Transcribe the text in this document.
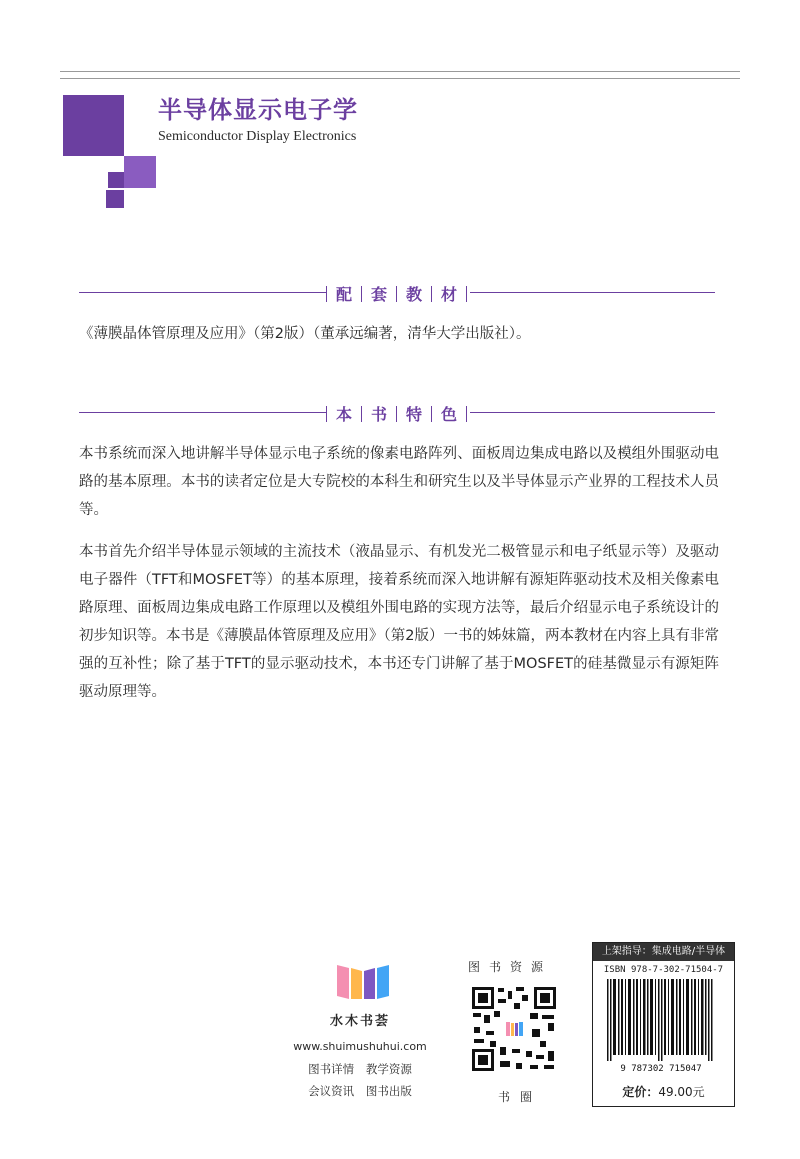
半导体显示电子学
Semiconductor Display Electronics
配	套	教	材
《薄膜晶体管原理及应用》（第2版）（董承远编著，清华大学出版社）。
本	书	特	色
本书系统而深入地讲解半导体显示电子系统的像素电路阵列、面板周边集成电路以及模组外围驱动电路的基本原理。本书的读者定位是大专院校的本科生和研究生以及半导体显示产业界的工程技术人员等。
本书首先介绍半导体显示领域的主流技术（液晶显示、有机发光二极管显示和电子纸显示等）及驱动电子器件（TFT和MOSFET等）的基本原理，接着系统而深入地讲解有源矩阵驱动技术及相关像素电路原理、面板周边集成电路工作原理以及模组外围电路的实现方法等，最后介绍显示电子系统设计的初步知识等。本书是《薄膜晶体管原理及应用》（第2版）一书的姊妹篇，两本教材在内容上具有非常强的互补性；除了基于TFT的显示驱动技术，本书还专门讲解了基于MOSFET的硅基微显示有源矩阵驱动原理等。
水木书荟
www.shuimushuhui.com
图书详情 教学资源
会议资讯 图书出版
图书资源
书圈
上架指导：集成电路/半导体
ISBN 978-7-302-71504-7
9 787302 715047
定价：49.00元
